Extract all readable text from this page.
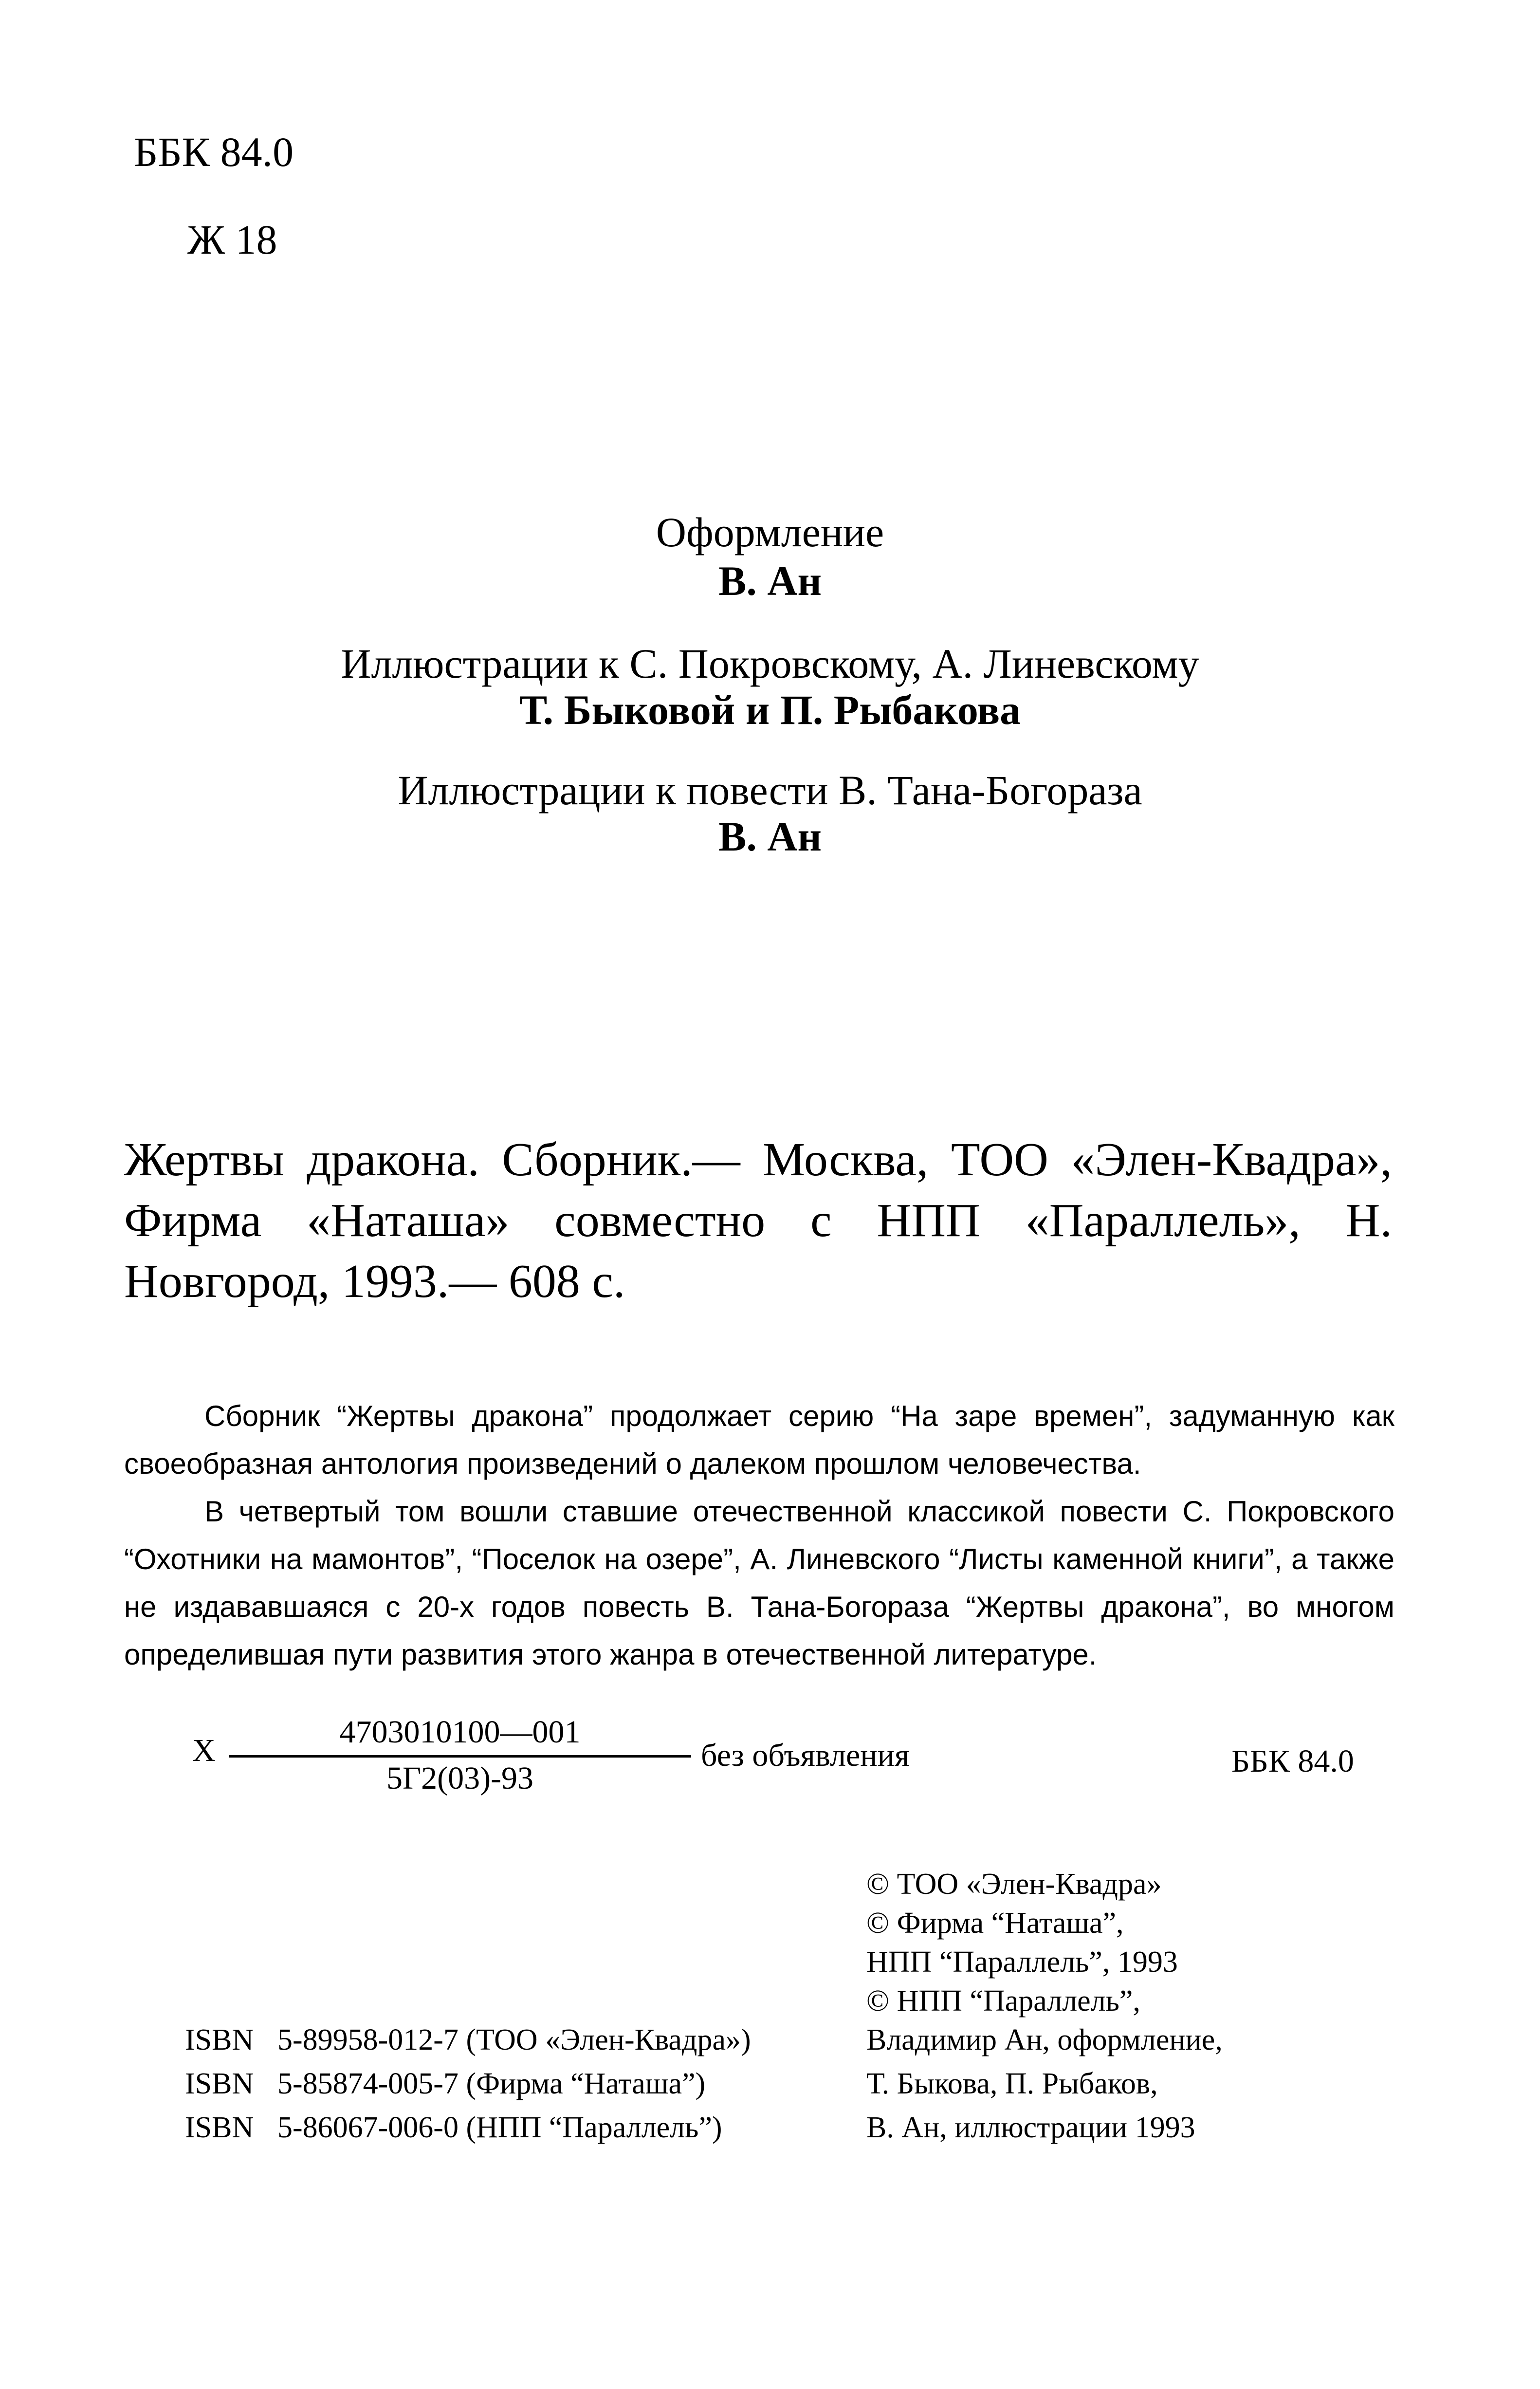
ББК 84.0
Ж 18
Оформление
В. Ан
Иллюстрации к С. Покровскому, А. Линевскому
Т. Быковой и П. Рыбакова
Иллюстрации к повести В. Тана-Богораза
В. Ан
Жертвы дракона. Сборник.— Москва, ТОО «Элен-Квадра», Фирма «Наташа» совместно с НПП «Параллель», Н. Новгород, 1993.— 608 с.

Сборник “Жертвы дракона” продолжает серию “На заре времен”, задуманную как своеобразная антология произведений о далеком прошлом человечества.

В четвертый том вошли ставшие отечественной классикой повести С. Покровского “Охотники на мамонтов”, “Поселок на озере”, А. Линевского “Листы каменной книги”, а также не издававшаяся с 20-х годов повесть В. Тана-Богораза “Жертвы дракона”, во многом определившая пути развития этого жанра в отечественной литературе.

Х
4703010100—001
5Г2(03)-93
без объявления	ББК 84.0
© ТОО «Элен-Квадра»
© Фирма “Наташа”,
НПП “Параллель”, 1993
© НПП “Параллель”,
Владимир Ан, оформление,
Т. Быкова, П. Рыбаков,
В. Ан, иллюстрации 1993
ISBN 5-89958-012-7 (ТОО «Элен-Квадра»)
ISBN 5-85874-005-7 (Фирма “Наташа”)
ISBN 5-86067-006-0 (НПП “Параллель”)
